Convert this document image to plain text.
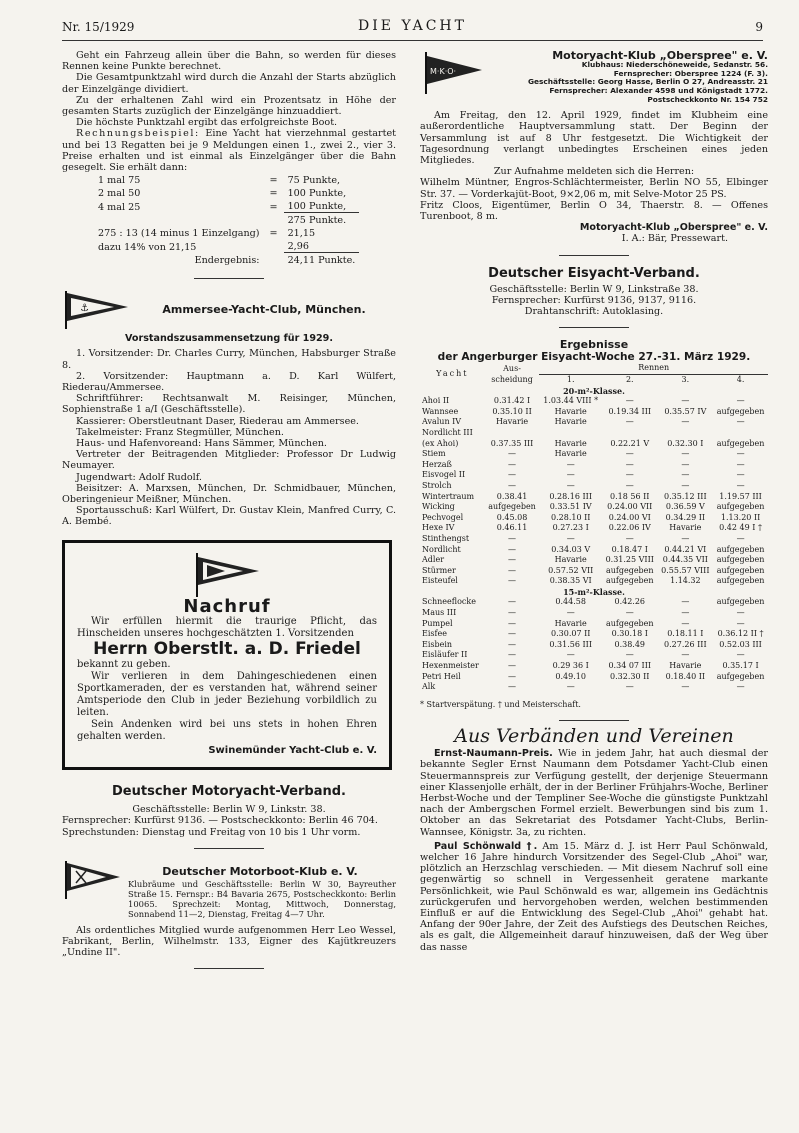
Nr. 15/1929	DIE YACHT	9

Geht ein Fahrzeug allein über die Bahn, so werden für dieses Rennen keine Punkte berechnet.

Die Gesamtpunktzahl wird durch die Anzahl der Starts abzüglich der Einzelgänge dividiert.

Zu der erhaltenen Zahl wird ein Prozentsatz in Höhe der gesamten Starts zuzüglich der Einzelgänge hinzuaddiert.

Die höchste Punktzahl ergibt das erfolgreichste Boot.

Rechnungsbeispiel: Eine Yacht hat vierzehnmal gestartet und bei 13 Regatten bei je 9 Meldungen einen 1., zwei 2., vier 3. Preise erhalten und ist einmal als Einzelgänger über die Bahn gesegelt. Sie erhält dann:

1 mal 75	=	75 Punkte,
2 mal 50	=	100 Punkte,
4 mal 25	=	100 Punkte,
		275 Punkte.
275 : 13 (14 minus 1 Einzelgang)	=	21,15
dazu 14% von 21,15		2,96
Endergebnis:		24,11 Punkte.
⚓	Ammersee-Yacht-Club, München.
Vorstandszusammensetzung für 1929.

1. Vorsitzender: Dr. Charles Curry, München, Habsburger Straße 8.

2. Vorsitzender: Hauptmann a. D. Karl Wülfert, Riederau/Ammersee.

Schriftführer: Rechtsanwalt M. Reisinger, München, Sophienstraße 1 a/I (Geschäftsstelle).

Kassierer: Oberstleutnant Daser, Riederau am Ammersee.

Takelmeister: Franz Stegmüller, München.

Haus- und Hafenvoreand: Hans Sämmer, München.

Vertreter der Beitragenden Mitglieder: Professor Dr Ludwig Neumayer.

Jugendwart: Adolf Rudolf.

Beisitzer: A. Marxsen, München, Dr. Schmidbauer, München, Oberingenieur Meißner, München.

Sportausschuß: Karl Wülfert, Dr. Gustav Klein, Manfred Curry, C. A. Bembé.

Nachruf

Wir erfüllen hiermit die traurige Pflicht, das Hinscheiden unseres hochgeschätzten 1. Vorsitzenden

Herrn Oberstlt. a. D. Friedel

bekannt zu geben.

Wir verlieren in dem Dahingeschiedenen einen Sportkameraden, der es verstanden hat, während seiner Amtsperiode den Club in jeder Beziehung vorbildlich zu leiten.

Sein Andenken wird bei uns stets in hohen Ehren gehalten werden.

Swinemünder Yacht-Club e. V.

Deutscher Motoryacht-Verband.

Geschäftsstelle: Berlin W 9, Linkstr. 38.

Fernsprecher: Kurfürst 9136. — Postscheckkonto: Berlin 46 704.

Sprechstunden: Dienstag und Freitag von 10 bis 1 Uhr vorm.

Deutscher Motorboot-Klub e. V.

Klubräume und Geschäftsstelle: Berlin W 30, Bayreuther Straße 15. Fernspr.: B4 Bavaria 2675, Postscheckkonto: Berlin 10065. Sprechzeit: Montag, Mittwoch, Donnerstag, Sonnabend 11—2, Dienstag, Freitag 4—7 Uhr.

Als ordentliches Mitglied wurde aufgenommen Herr Leo Wessel, Fabrikant, Berlin, Wilhelmstr. 133, Eigner des Kajütkreuzers „Undine II".

M·K·O·
Motoryacht-Klub „Oberspree" e. V.
Klubhaus: Niederschöneweide, Sedanstr. 56.
Fernsprecher: Oberspree 1224 (F. 3).
Geschäftsstelle: Georg Hasse, Berlin O 27, Andreasstr. 21
Fernsprecher: Alexander 4598 und Königstadt 1772.
Postscheckkonto Nr. 154 752

Am Freitag, den 12. April 1929, findet im Klubheim eine außerordentliche Hauptversammlung statt. Der Beginn der Versammlung ist auf 8 Uhr festgesetzt. Die Wichtigkeit der Tagesordnung verlangt unbedingtes Erscheinen eines jeden Mitgliedes.

Zur Aufnahme meldeten sich die Herren:

Wilhelm Müntner, Engros-Schlächtermeister, Berlin NO 55, Elbinger Str. 37. — Vorderkajüt-Boot, 9×2,06 m, mit Selve-Motor 25 PS.

Fritz Cloos, Eigentümer, Berlin O 34, Thaerstr. 8. — Offenes Turenboot, 8 m.

Motoryacht-Klub „Oberspree" e. V.

I. A.: Bär, Pressewart.

Deutscher Eisyacht-Verband.

Geschäftsstelle: Berlin W 9, Linkstraße 38.

Fernsprecher: Kurfürst 9136, 9137, 9116.

Drahtanschrift: Autoklasing.

Ergebnisse
der Angerburger Eisyacht-Woche 27.-31. März 1929.
Yacht	Aus-	Rennen			
	scheidung	1.	2.	3.	4.
20-m²-Klasse.					
Ahoi II	0.31.42 I	1.03.44 VIII *	—	—	—
Wannsee	0.35.10 II	Havarie	0.19.34 III	0.35.57 IV	aufgegeben
Avalun IV	Havarie	Havarie	—	—	—
Nordlicht III					
(ex Ahoi)	0.37.35 III	Havarie	0.22.21 V	0.32.30 I	aufgegeben
Stiem	—	Havarie	—	—	—
Herzaß	—	—	—	—	—
Eisvogel II	—	—	—	—	—
Strolch	—	—	—	—	—
Wintertraum	0.38.41	0.28.16 III	0.18 56 II	0.35.12 III	1.19.57 III
Wicking	aufgegeben	0.33.51 IV	0.24.00 VII	0.36.59 V	aufgegeben
Pechvogel	0.45.08	0.28.10 II	0.24.00 VI	0.34.29 II	1.13.20 II
Hexe IV	0.46.11	0.27.23 I	0.22.06 IV	Havarie	0.42 49 I †
Stinthengst	—	—	—	—	—
Nordlicht	—	0.34.03 V	0.18.47 I	0.44.21 VI	aufgegeben
Adler	—	Havarie	0.31.25 VIII	0.44.35 VII	aufgegeben
Stürmer	—	0.57.52 VII	aufgegeben	0.55.57 VIII	aufgegeben
Eisteufel	—	0.38.35 VI	aufgegeben	1.14.32	aufgegeben
15-m²-Klasse.					
Schneeflocke	—	0.44.58	0.42.26	—	aufgegeben
Maus III	—	—	—	—	—
Pumpel	—	Havarie	aufgegeben	—	—
Eisfee	—	0.30.07 II	0.30.18 I	0.18.11 I	0.36.12 II †
Eisbein	—	0.31.56 III	0.38.49	0.27.26 III	0.52.03 III
Eisläufer II	—	—	—	—	—
Hexenmeister	—	0.29 36 I	0.34 07 III	Havarie	0.35.17 I
Petri Heil	—	0.49.10	0.32.30 II	0.18.40 II	aufgegeben
Alk	—	—	—	—	—
* Startverspätung. † und Meisterschaft.
Aus Verbänden und Vereinen

Ernst-Naumann-Preis. Wie in jedem Jahr, hat auch diesmal der bekannte Segler Ernst Naumann dem Potsdamer Yacht-Club einen Steuermannspreis zur Verfügung gestellt, der derjenige Steuermann einer Klassenjolle erhält, der in der Berliner Frühjahrs-Woche, Berliner Herbst-Woche und der Templiner See-Woche die günstigste Punktzahl nach der Ambergschen Formel erzielt. Bewerbungen sind bis zum 1. Oktober an das Sekretariat des Potsdamer Yacht-Clubs, Berlin-Wannsee, Königstr. 3a, zu richten.

Paul Schönwald †. Am 15. März d. J. ist Herr Paul Schönwald, welcher 16 Jahre hindurch Vorsitzender des Segel-Club „Ahoi" war, plötzlich an Herzschlag verschieden. — Mit diesem Nachruf soll eine gegenwärtig so schnell in Vergessenheit geratene markante Persönlichkeit, wie Paul Schönwald es war, allgemein ins Gedächtnis zurückgerufen und hervorgehoben werden, welchen bestimmenden Einfluß er auf die Entwicklung des Segel-Club „Ahoi" gehabt hat. Anfang der 90er Jahre, der Zeit des Aufstiegs des Deutschen Reiches, als es galt, die Allgemeinheit darauf hinzuweisen, daß der Weg über das nasse
